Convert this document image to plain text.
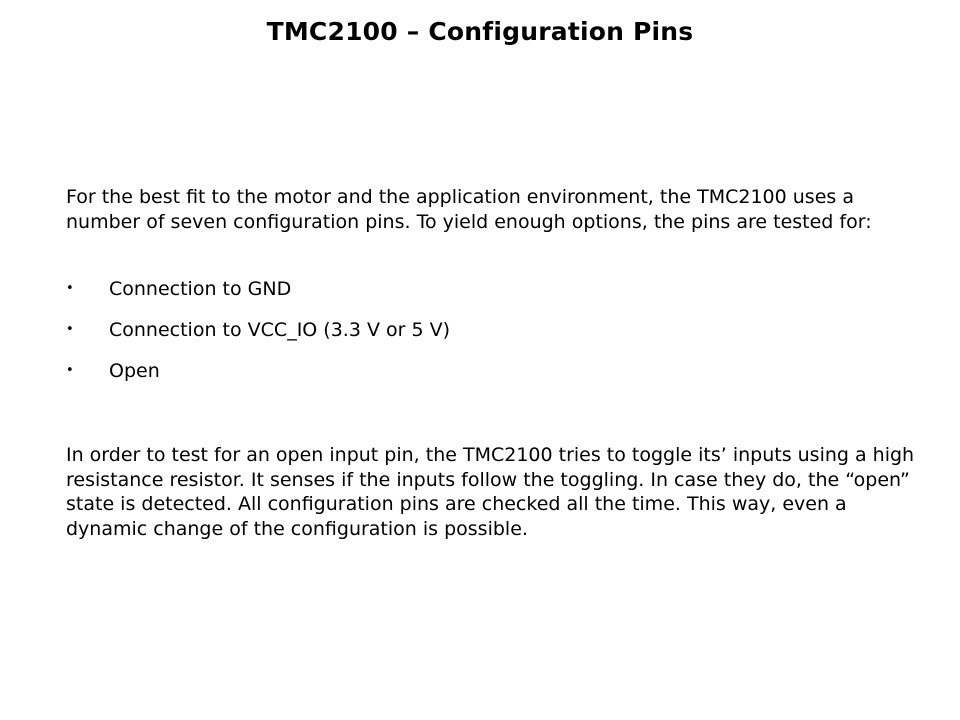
TMC2100 – Configuration Pins
For the best fit to the motor and the application environment, the TMC2100 uses a number of seven configuration pins. To yield enough options, the pins are tested for:
•	Connection to GND
•	Connection to VCC_IO (3.3 V or 5 V)
•	Open
In order to test for an open input pin, the TMC2100 tries to toggle its’ inputs using a high resistance resistor. It senses if the inputs follow the toggling. In case they do, the “open” state is detected. All configuration pins are checked all the time. This way, even a dynamic change of the configuration is possible.
